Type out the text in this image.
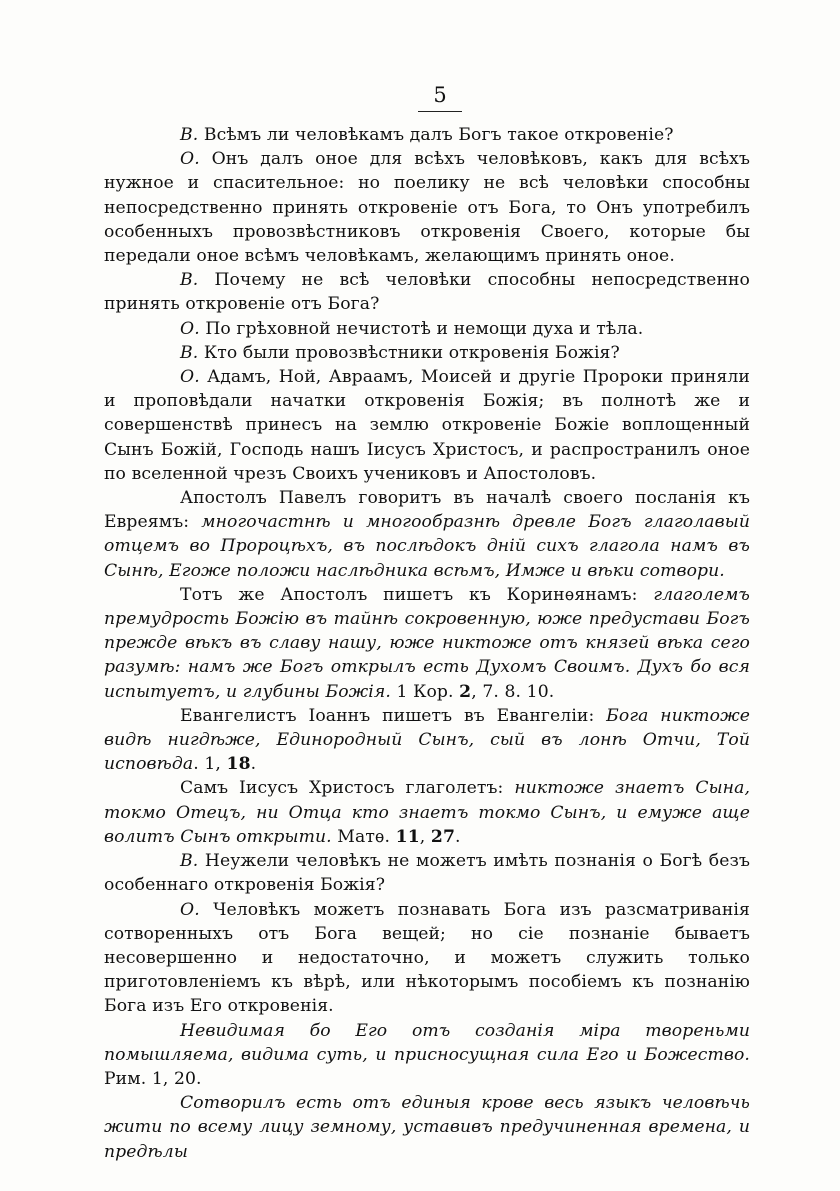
5

В. Всѣмъ ли человѣкамъ далъ Богъ такое откровеніе?

О. Онъ далъ оное для всѣхъ человѣковъ, какъ для всѣхъ нужное и спасительное: но поелику не всѣ человѣки способны непосредственно принять откровеніе отъ Бога, то Онъ употребилъ особенныхъ провозвѣстниковъ откровенія Своего, которые бы передали оное всѣмъ человѣкамъ, желающимъ принять оное.

В. Почему не всѣ человѣки способны непосредственно принять откровеніе отъ Бога?

О. По грѣховной нечистотѣ и немощи духа и тѣла.

В. Кто были провозвѣстники откровенія Божія?

О. Адамъ, Ной, Авраамъ, Моисей и другіе Пророки приняли и проповѣдали начатки откровенія Божія; въ полнотѣ же и совершенствѣ принесъ на землю откровеніе Божіе воплощенный Сынъ Божій, Господь нашъ Іисусъ Христосъ, и распространилъ оное по вселенной чрезъ Своихъ учениковъ и Апостоловъ.

Апостолъ Павелъ говоритъ въ началѣ своего посланія къ Евреямъ: многочастнѣ и многообразнѣ древле Богъ глаголавый отцемъ во Пророцѣхъ, въ послѣдокъ дній сихъ глагола намъ въ Сынѣ, Егоже положи наслѣдника всѣмъ, Имже и вѣки сотвори.

Тотъ же Апостолъ пишетъ къ Коринѳянамъ: глаголемъ премудрость Божію въ тайнѣ сокровенную, юже предустави Богъ прежде вѣкъ въ славу нашу, юже никтоже отъ князей вѣка сего разумѣ: намъ же Богъ открылъ есть Духомъ Своимъ. Духъ бо вся испытуетъ, и глубины Божія. 1 Кор. 2, 7. 8. 10.

Евангелистъ Іоаннъ пишетъ въ Евангеліи: Бога никтоже видѣ нигдѣже, Единородный Сынъ, сый въ лонѣ Отчи, Той исповѣда. 1, 18.

Самъ Іисусъ Христосъ глаголетъ: никтоже знаетъ Сына, токмо Отецъ, ни Отца кто знаетъ токмо Сынъ, и емуже аще волитъ Сынъ открыти. Матѳ. 11, 27.

В. Неужели человѣкъ не можетъ имѣть познанія о Богѣ безъ особеннаго откровенія Божія?

О. Человѣкъ можетъ познавать Бога изъ разсматриванія сотворенныхъ отъ Бога вещей; но сіе познаніе бываетъ несовершенно и недостаточно, и можетъ служить только приготовленіемъ къ вѣрѣ, или нѣкоторымъ пособіемъ къ познанію Бога изъ Его откровенія.

Невидимая бо Его отъ созданія міра твореньми помышляема, видима суть, и присносущная сила Его и Божество. Рим. 1, 20.

Сотворилъ есть отъ единыя крове весь языкъ человѣчь жити по всему лицу земному, уставивъ предучиненная времена, и предѣлы
